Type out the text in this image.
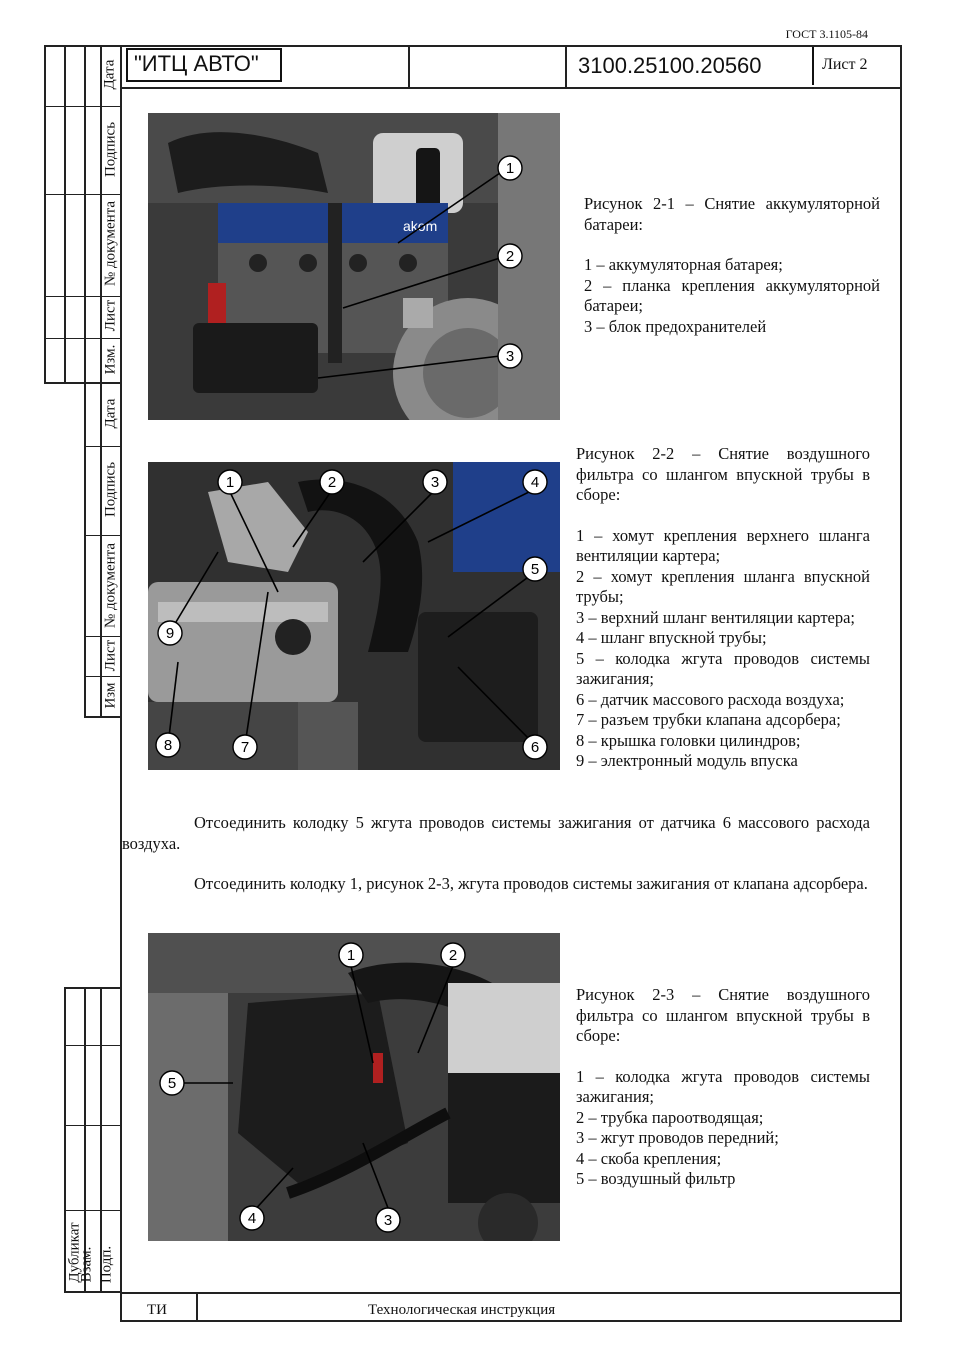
ГОСТ 3.1105-84
"ИТЦ АВТО"	3100.25100.20560	Лист 2
Дата
Подпись
№ документа
Лист
Изм.
Дата
Подпись
№ документа
Лист
Изм
Дубликат
Взам. Подп.
akom
1
2
3

Рисунок 2-1 – Снятие аккумуляторной батареи:

1 – аккумуляторная батарея;

2 – планка крепления аккумуляторной батареи;

3 – блок предохранителей

1	2	3	4
5
6
7
8
9

Рисунок 2-2 – Снятие воздушного фильтра со шлангом впускной трубы в сборе:

1 – хомут крепления верхнего шланга вентиляции картера;

2 – хомут крепления шланга впускной трубы;

3 – верхний шланг вентиляции картера;

4 – шланг впускной трубы;

5 – колодка жгута проводов системы зажигания;

6 – датчик массового расхода воздуха;

7 – разъем трубки клапана адсорбера;

8 – крышка головки цилиндров;

9 – электронный модуль впуска

Отсоединить колодку 5 жгута проводов системы зажигания от датчика 6 массового расхода воздуха.
Отсоединить колодку 1, рисунок 2-3, жгута проводов системы зажигания от клапана адсорбера.
1	2
3
4
5

Рисунок 2-3 – Снятие воздушного фильтра со шлангом впускной трубы в сборе:

1 – колодка жгута проводов системы зажигания;

2 – трубка пароотводящая;

3 – жгут проводов передний;

4 – скоба крепления;

5 – воздушный фильтр

ТИ	Технологическая инструкция
